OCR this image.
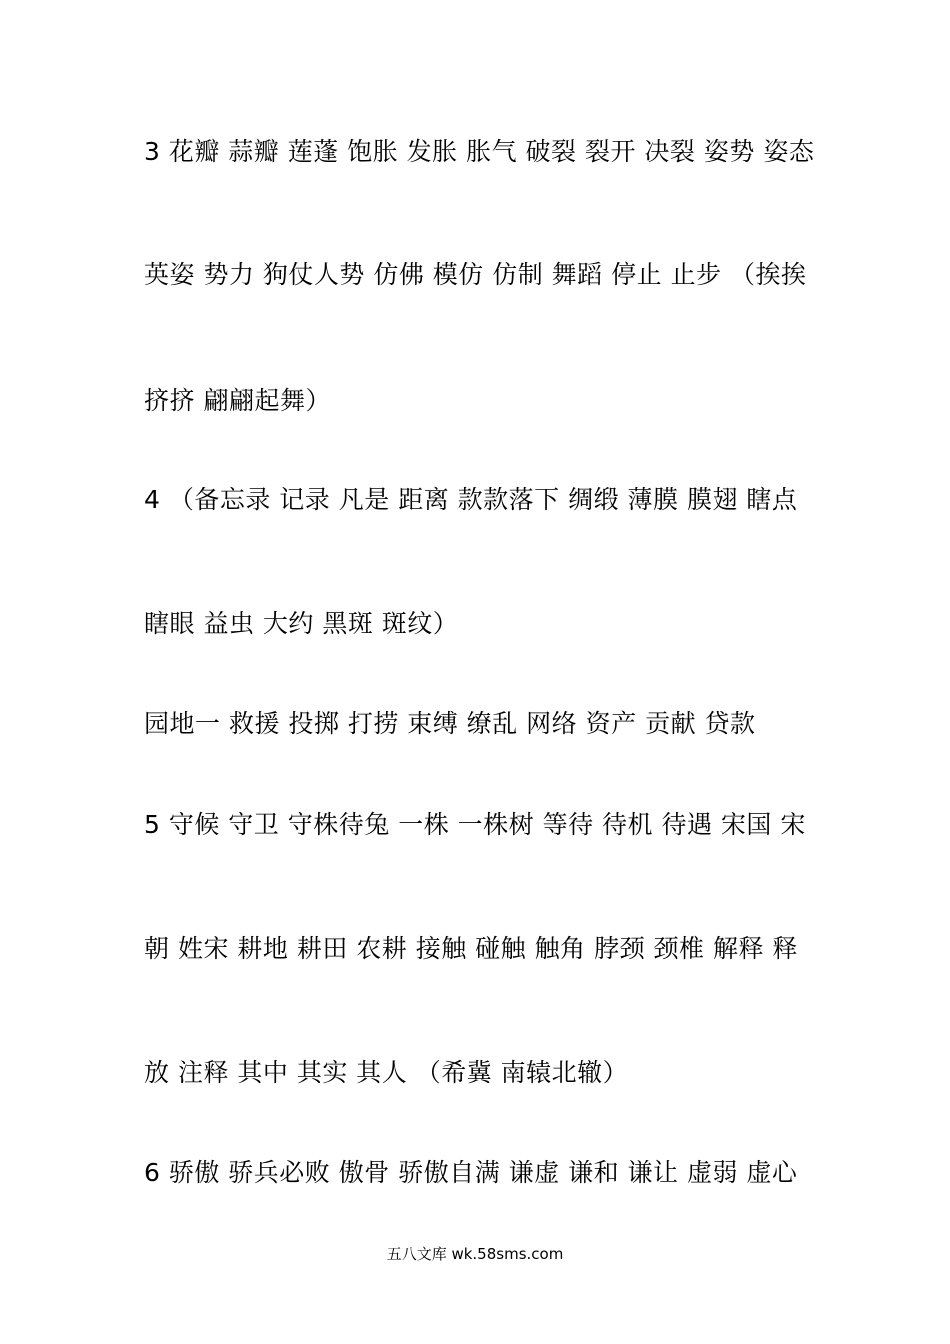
3 花瓣 蒜瓣 莲蓬 饱胀 发胀 胀气 破裂 裂开 决裂 姿势 姿态
英姿 势力 狗仗人势 仿佛 模仿 仿制 舞蹈 停止 止步 （挨挨
挤挤 翩翩起舞）
4 （备忘录 记录 凡是 距离 款款落下 绸缎 薄膜 膜翅 瞎点
瞎眼 益虫 大约 黑斑 斑纹）
园地一 救援 投掷 打捞 束缚 缭乱 网络 资产 贡献 贷款
5 守候 守卫 守株待兔 一株 一株树 等待 待机 待遇 宋国 宋
朝 姓宋 耕地 耕田 农耕 接触 碰触 触角 脖颈 颈椎 解释 释
放 注释 其中 其实 其人 （希冀 南辕北辙）
6 骄傲 骄兵必败 傲骨 骄傲自满 谦虚 谦和 谦让 虚弱 虚心
五八文库 wk.58sms.com
